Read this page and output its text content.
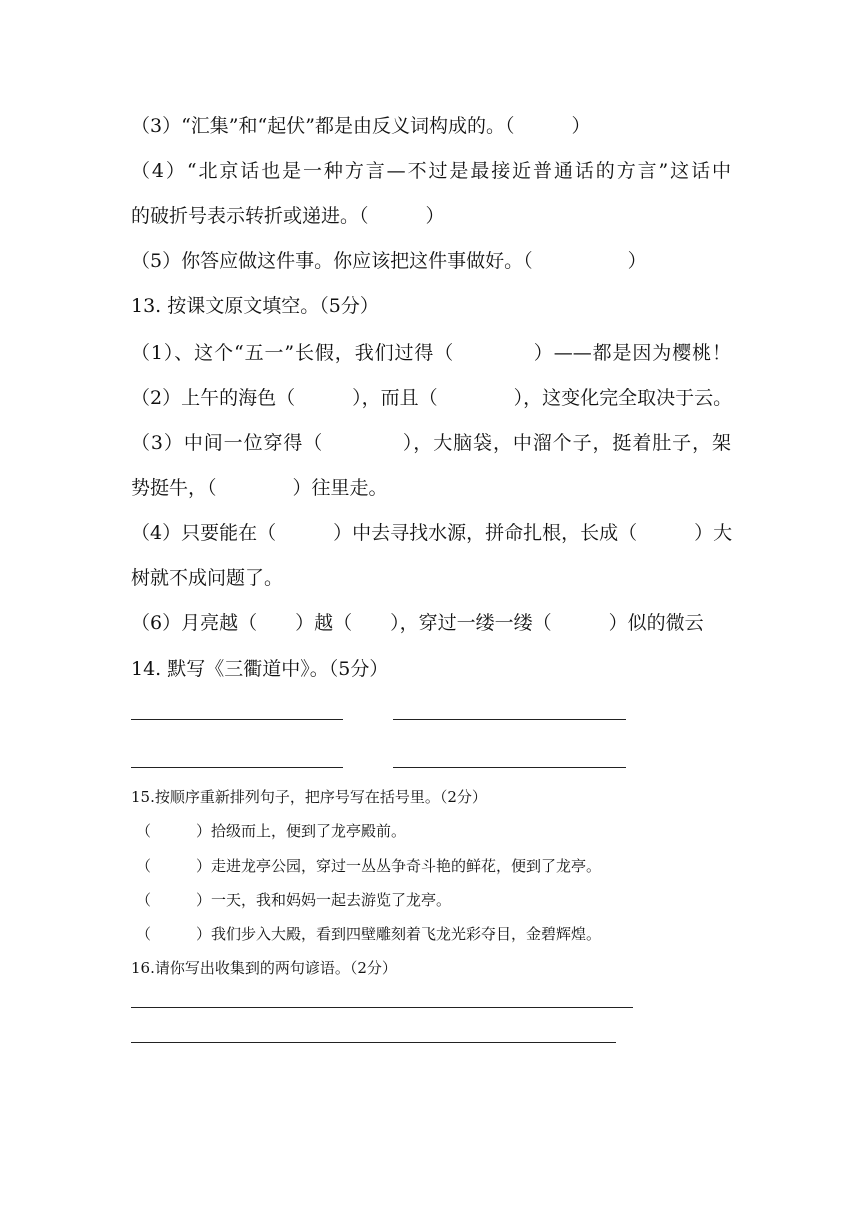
（3）“汇集”和“起伏”都是由反义词构成的。（　　　）
（4）“北京话也是一种方言—不过是最接近普通话的方言”这话中
的破折号表示转折或递进。（　　　）
（5）你答应做这件事。你应该把这件事做好。（　　　　　）
13. 按课文原文填空。（5分）
（1）、这个“五一”长假，我们过得（　　　　）——都是因为樱桃！
（2）上午的海色（　　　），而且（　　　　），这变化完全取决于云。
（3）中间一位穿得（　　　　），大脑袋，中溜个子，挺着肚子，架
势挺牛，（　　　　）往里走。
（4）只要能在（　　　）中去寻找水源，拼命扎根，长成（　　　）大
树就不成问题了。
（6）月亮越（　　）越（　　），穿过一缕一缕（　　　）似的微云
14. 默写《三衢道中》。（5分）
15.按顺序重新排列句子，把序号写在括号里。（2分）
（　　　）拾级而上，便到了龙亭殿前。
（　　　）走进龙亭公园，穿过一丛丛争奇斗艳的鲜花，便到了龙亭。
（　　　）一天，我和妈妈一起去游览了龙亭。
（　　　）我们步入大殿，看到四壁雕刻着飞龙光彩夺目，金碧辉煌。
16.请你写出收集到的两句谚语。（2分）
